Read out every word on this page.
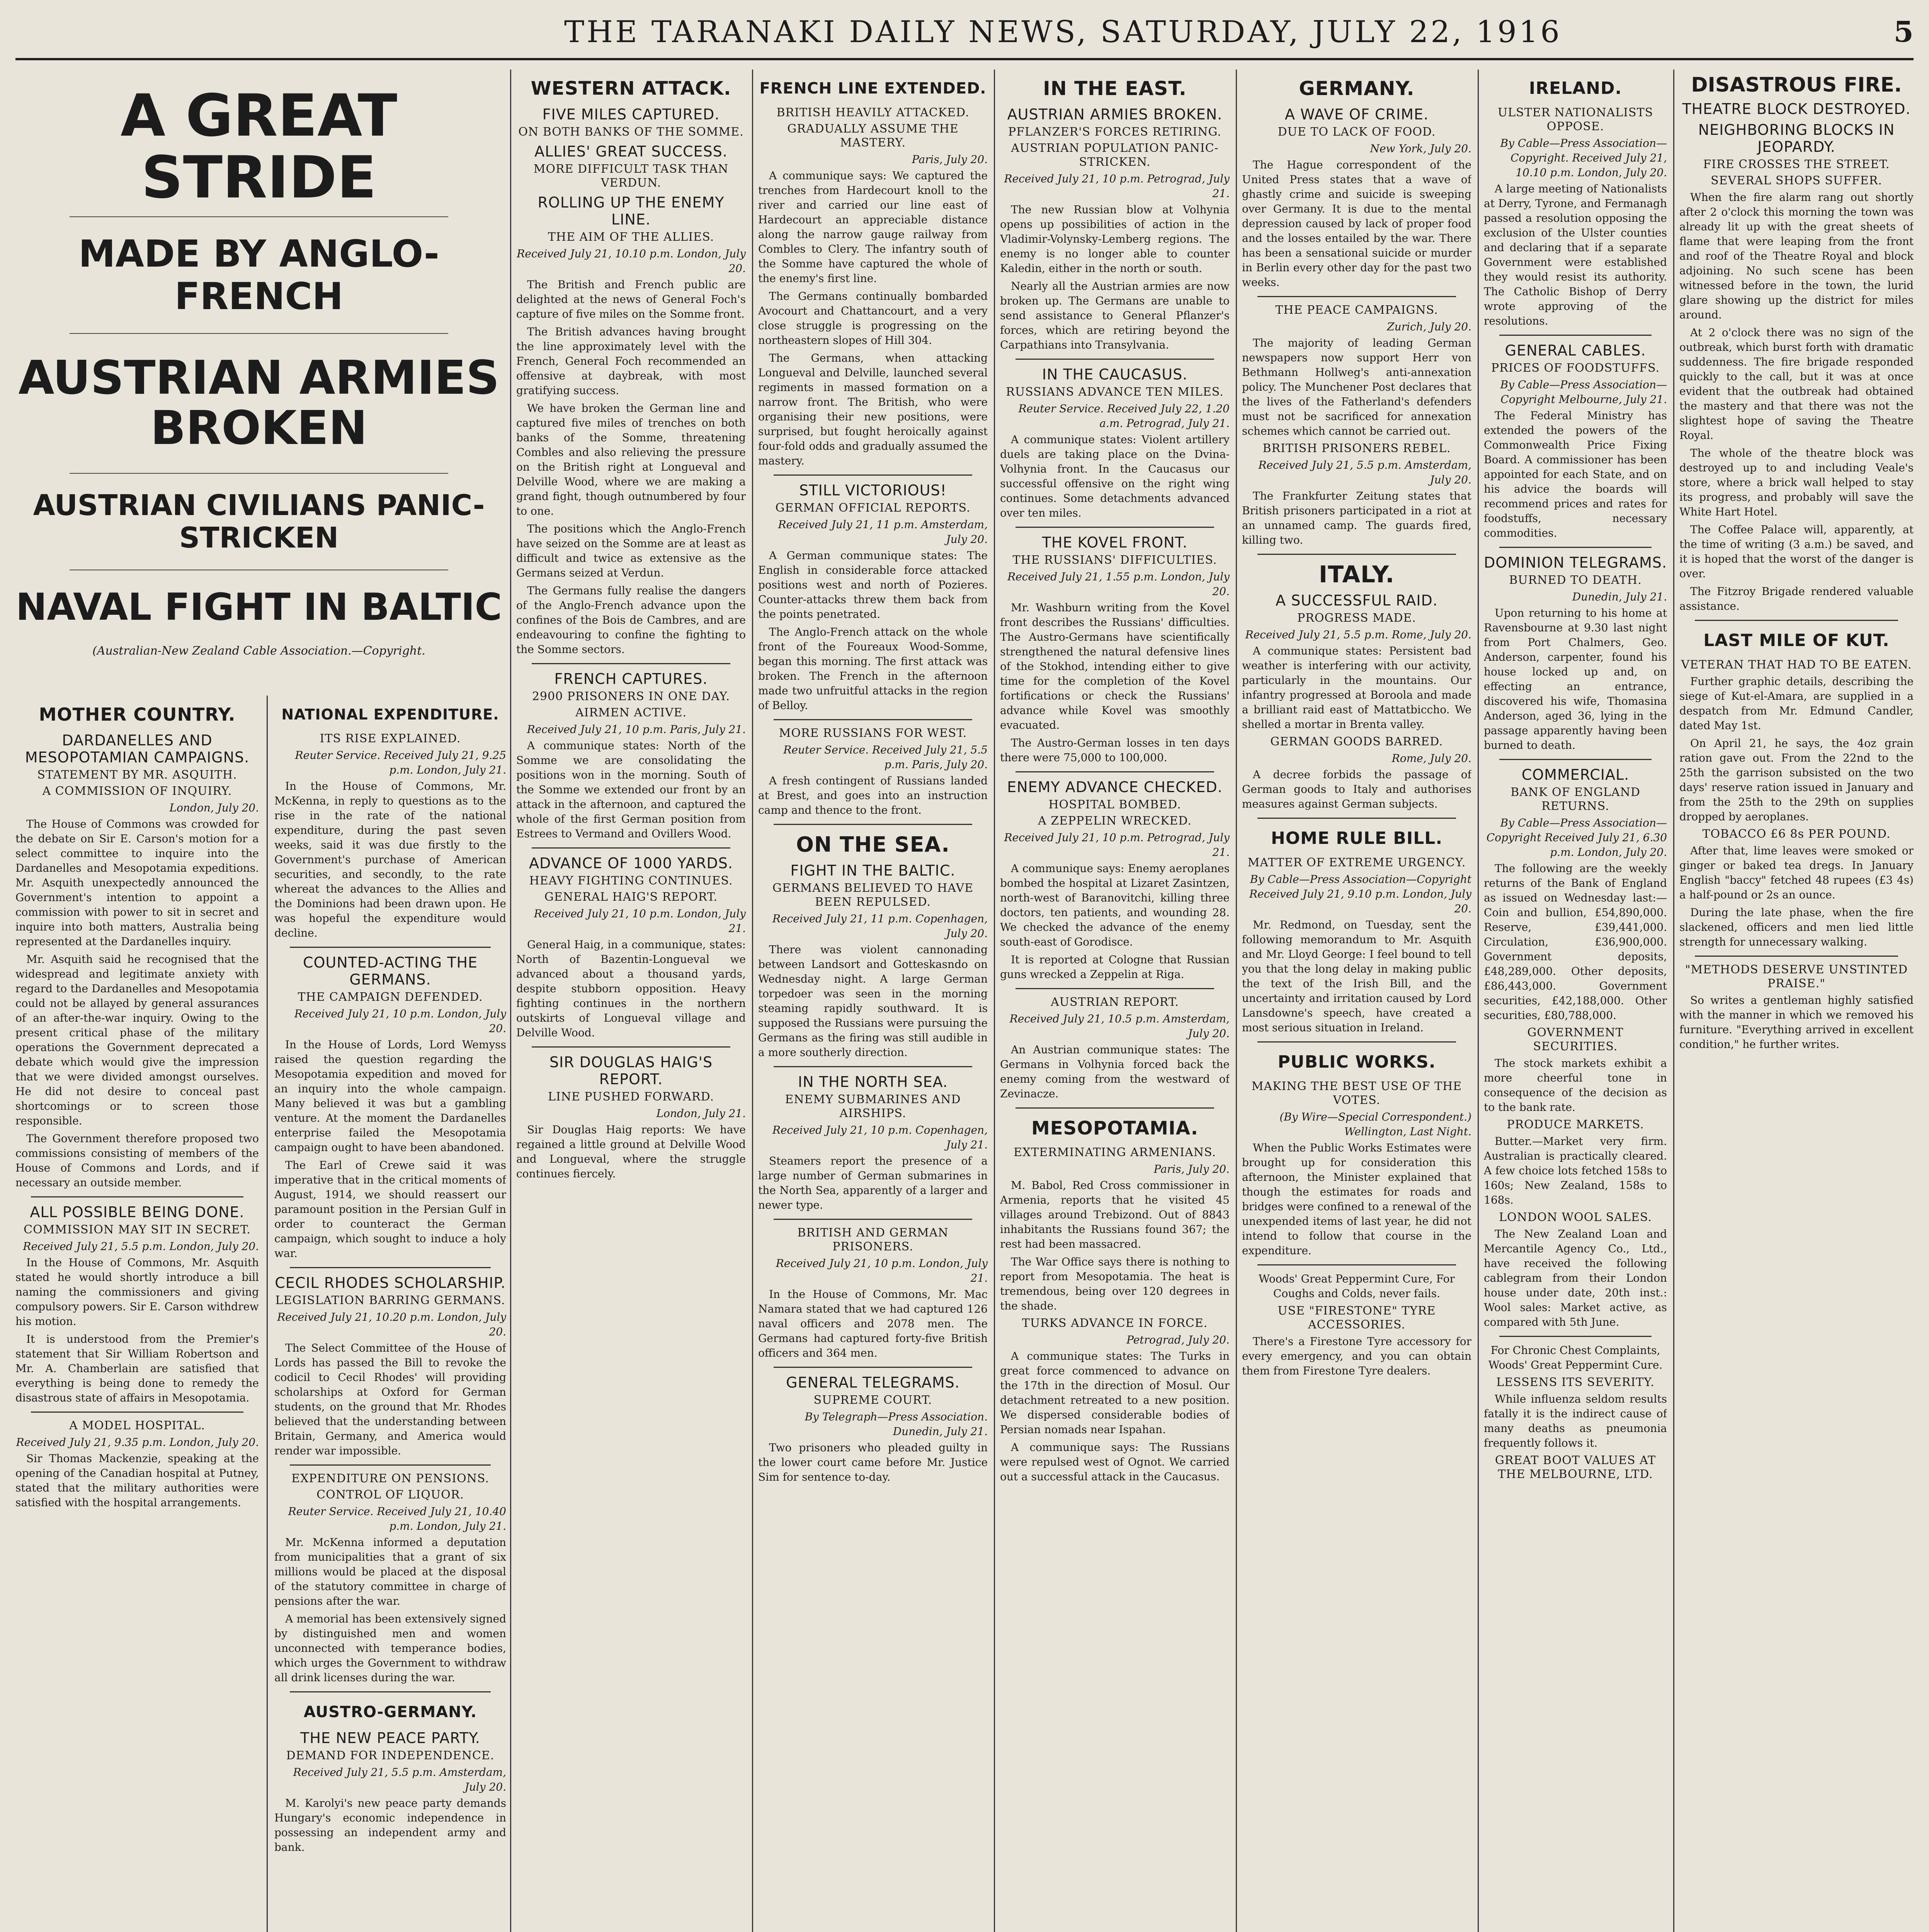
THE TARANAKI DAILY NEWS, SATURDAY, JULY 22, 1916	5
A GREAT STRIDE
MADE BY ANGLO-FRENCH
AUSTRIAN ARMIES BROKEN
AUSTRIAN CIVILIANS PANIC-STRICKEN
NAVAL FIGHT IN BALTIC
(Australian-New Zealand Cable Association.—Copyright.
MOTHER COUNTRY.
DARDANELLES AND MESOPOTAMIAN CAMPAIGNS.
STATEMENT BY MR. ASQUITH.
A COMMISSION OF INQUIRY.
London, July 20.

The House of Commons was crowded for the debate on Sir E. Carson's motion for a select committee to inquire into the Dardanelles and Mesopotamia expeditions. Mr. Asquith unexpectedly announced the Government's intention to appoint a commission with power to sit in secret and inquire into both matters, Australia being represented at the Dardanelles inquiry.

Mr. Asquith said he recognised that the widespread and legitimate anxiety with regard to the Dardanelles and Mesopotamia could not be allayed by general assurances of an after-the-war inquiry. Owing to the present critical phase of the military operations the Government deprecated a debate which would give the impression that we were divided amongst ourselves. He did not desire to conceal past shortcomings or to screen those responsible.

The Government therefore proposed two commissions consisting of members of the House of Commons and Lords, and if necessary an outside member.

ALL POSSIBLE BEING DONE.
COMMISSION MAY SIT IN SECRET.
Received July 21, 5.5 p.m. London, July 20.

In the House of Commons, Mr. Asquith stated he would shortly introduce a bill naming the commissioners and giving compulsory powers. Sir E. Carson withdrew his motion.

It is understood from the Premier's statement that Sir William Robertson and Mr. A. Chamberlain are satisfied that everything is being done to remedy the disastrous state of affairs in Mesopotamia.

A MODEL HOSPITAL.
Received July 21, 9.35 p.m. London, July 20.

Sir Thomas Mackenzie, speaking at the opening of the Canadian hospital at Putney, stated that the military authorities were satisfied with the hospital arrangements.

NATIONAL EXPENDITURE.
ITS RISE EXPLAINED.
Reuter Service. Received July 21, 9.25 p.m. London, July 21.

In the House of Commons, Mr. McKenna, in reply to questions as to the rise in the rate of the national expenditure, during the past seven weeks, said it was due firstly to the Government's purchase of American securities, and secondly, to the rate whereat the advances to the Allies and the Dominions had been drawn upon. He was hopeful the expenditure would decline.

COUNTED-ACTING THE GERMANS.
THE CAMPAIGN DEFENDED.
Received July 21, 10 p.m. London, July 20.

In the House of Lords, Lord Wemyss raised the question regarding the Mesopotamia expedition and moved for an inquiry into the whole campaign. Many believed it was but a gambling venture. At the moment the Dardanelles enterprise failed the Mesopotamia campaign ought to have been abandoned.

The Earl of Crewe said it was imperative that in the critical moments of August, 1914, we should reassert our paramount position in the Persian Gulf in order to counteract the German campaign, which sought to induce a holy war.

CECIL RHODES SCHOLARSHIP.
LEGISLATION BARRING GERMANS.
Received July 21, 10.20 p.m. London, July 20.

The Select Committee of the House of Lords has passed the Bill to revoke the codicil to Cecil Rhodes' will providing scholarships at Oxford for German students, on the ground that Mr. Rhodes believed that the understanding between Britain, Germany, and America would render war impossible.

EXPENDITURE ON PENSIONS.
CONTROL OF LIQUOR.
Reuter Service. Received July 21, 10.40 p.m. London, July 21.

Mr. McKenna informed a deputation from municipalities that a grant of six millions would be placed at the disposal of the statutory committee in charge of pensions after the war.

A memorial has been extensively signed by distinguished men and women unconnected with temperance bodies, which urges the Government to withdraw all drink licenses during the war.

AUSTRO-GERMANY.
THE NEW PEACE PARTY.
DEMAND FOR INDEPENDENCE.
Received July 21, 5.5 p.m. Amsterdam, July 20.

M. Karolyi's new peace party demands Hungary's economic independence in possessing an independent army and bank.

WESTERN ATTACK.
FIVE MILES CAPTURED.
ON BOTH BANKS OF THE SOMME.
ALLIES' GREAT SUCCESS.
MORE DIFFICULT TASK THAN VERDUN.
ROLLING UP THE ENEMY LINE.
THE AIM OF THE ALLIES.
Received July 21, 10.10 p.m. London, July 20.

The British and French public are delighted at the news of General Foch's capture of five miles on the Somme front.

The British advances having brought the line approximately level with the French, General Foch recommended an offensive at daybreak, with most gratifying success.

We have broken the German line and captured five miles of trenches on both banks of the Somme, threatening Combles and also relieving the pressure on the British right at Longueval and Delville Wood, where we are making a grand fight, though outnumbered by four to one.

The positions which the Anglo-French have seized on the Somme are at least as difficult and twice as extensive as the Germans seized at Verdun.

The Germans fully realise the dangers of the Anglo-French advance upon the confines of the Bois de Cambres, and are endeavouring to confine the fighting to the Somme sectors.

FRENCH CAPTURES.
2900 PRISONERS IN ONE DAY.
AIRMEN ACTIVE.
Received July 21, 10 p.m. Paris, July 21.

A communique states: North of the Somme we are consolidating the positions won in the morning. South of the Somme we extended our front by an attack in the afternoon, and captured the whole of the first German position from Estrees to Vermand and Ovillers Wood.

ADVANCE OF 1000 YARDS.
HEAVY FIGHTING CONTINUES.
GENERAL HAIG'S REPORT.
Received July 21, 10 p.m. London, July 21.

General Haig, in a communique, states: North of Bazentin-Longueval we advanced about a thousand yards, despite stubborn opposition. Heavy fighting continues in the northern outskirts of Longueval village and Delville Wood.

SIR DOUGLAS HAIG'S REPORT.
LINE PUSHED FORWARD.
London, July 21.

Sir Douglas Haig reports: We have regained a little ground at Delville Wood and Longueval, where the struggle continues fiercely.

FRENCH LINE EXTENDED.
BRITISH HEAVILY ATTACKED.
GRADUALLY ASSUME THE MASTERY.
Paris, July 20.

A communique says: We captured the trenches from Hardecourt knoll to the river and carried our line east of Hardecourt an appreciable distance along the narrow gauge railway from Combles to Clery. The infantry south of the Somme have captured the whole of the enemy's first line.

The Germans continually bombarded Avocourt and Chattancourt, and a very close struggle is progressing on the northeastern slopes of Hill 304.

The Germans, when attacking Longueval and Delville, launched several regiments in massed formation on a narrow front. The British, who were organising their new positions, were surprised, but fought heroically against four-fold odds and gradually assumed the mastery.

STILL VICTORIOUS!
GERMAN OFFICIAL REPORTS.
Received July 21, 11 p.m. Amsterdam, July 20.

A German communique states: The English in considerable force attacked positions west and north of Pozieres. Counter-attacks threw them back from the points penetrated.

The Anglo-French attack on the whole front of the Foureaux Wood-Somme, began this morning. The first attack was broken. The French in the afternoon made two unfruitful attacks in the region of Belloy.

MORE RUSSIANS FOR WEST.
Reuter Service. Received July 21, 5.5 p.m. Paris, July 20.

A fresh contingent of Russians landed at Brest, and goes into an instruction camp and thence to the front.

ON THE SEA.
FIGHT IN THE BALTIC.
GERMANS BELIEVED TO HAVE BEEN REPULSED.
Received July 21, 11 p.m. Copenhagen, July 20.

There was violent cannonading between Landsort and Gotteskasndo on Wednesday night. A large German torpedoer was seen in the morning steaming rapidly southward. It is supposed the Russians were pursuing the Germans as the firing was still audible in a more southerly direction.

IN THE NORTH SEA.
ENEMY SUBMARINES AND AIRSHIPS.
Received July 21, 10 p.m. Copenhagen, July 21.

Steamers report the presence of a large number of German submarines in the North Sea, apparently of a larger and newer type.

BRITISH AND GERMAN PRISONERS.
Received July 21, 10 p.m. London, July 21.

In the House of Commons, Mr. Mac Namara stated that we had captured 126 naval officers and 2078 men. The Germans had captured forty-five British officers and 364 men.

GENERAL TELEGRAMS.
SUPREME COURT.
By Telegraph—Press Association. Dunedin, July 21.

Two prisoners who pleaded guilty in the lower court came before Mr. Justice Sim for sentence to-day.

IN THE EAST.
AUSTRIAN ARMIES BROKEN.
PFLANZER'S FORCES RETIRING.
AUSTRIAN POPULATION PANIC-STRICKEN.
Received July 21, 10 p.m. Petrograd, July 21.

The new Russian blow at Volhynia opens up possibilities of action in the Vladimir-Volynsky-Lemberg regions. The enemy is no longer able to counter Kaledin, either in the north or south.

Nearly all the Austrian armies are now broken up. The Germans are unable to send assistance to General Pflanzer's forces, which are retiring beyond the Carpathians into Transylvania.

IN THE CAUCASUS.
RUSSIANS ADVANCE TEN MILES.
Reuter Service. Received July 22, 1.20 a.m. Petrograd, July 21.

A communique states: Violent artillery duels are taking place on the Dvina-Volhynia front. In the Caucasus our successful offensive on the right wing continues. Some detachments advanced over ten miles.

THE KOVEL FRONT.
THE RUSSIANS' DIFFICULTIES.
Received July 21, 1.55 p.m. London, July 20.

Mr. Washburn writing from the Kovel front describes the Russians' difficulties. The Austro-Germans have scientifically strengthened the natural defensive lines of the Stokhod, intending either to give time for the completion of the Kovel fortifications or check the Russians' advance while Kovel was smoothly evacuated.

The Austro-German losses in ten days there were 75,000 to 100,000.

ENEMY ADVANCE CHECKED.
HOSPITAL BOMBED.
A ZEPPELIN WRECKED.
Received July 21, 10 p.m. Petrograd, July 21.

A communique says: Enemy aeroplanes bombed the hospital at Lizaret Zasintzen, north-west of Baranovitchi, killing three doctors, ten patients, and wounding 28. We checked the advance of the enemy south-east of Gorodisce.

It is reported at Cologne that Russian guns wrecked a Zeppelin at Riga.

AUSTRIAN REPORT.
Received July 21, 10.5 p.m. Amsterdam, July 20.

An Austrian communique states: The Germans in Volhynia forced back the enemy coming from the westward of Zevinacze.

MESOPOTAMIA.
EXTERMINATING ARMENIANS.
Paris, July 20.

M. Babol, Red Cross commissioner in Armenia, reports that he visited 45 villages around Trebizond. Out of 8843 inhabitants the Russians found 367; the rest had been massacred.

The War Office says there is nothing to report from Mesopotamia. The heat is tremendous, being over 120 degrees in the shade.

TURKS ADVANCE IN FORCE.
Petrograd, July 20.

A communique states: The Turks in great force commenced to advance on the 17th in the direction of Mosul. Our detachment retreated to a new position. We dispersed considerable bodies of Persian nomads near Ispahan.

A communique says: The Russians were repulsed west of Ognot. We carried out a successful attack in the Caucasus.

GERMANY.
A WAVE OF CRIME.
DUE TO LACK OF FOOD.
New York, July 20.

The Hague correspondent of the United Press states that a wave of ghastly crime and suicide is sweeping over Germany. It is due to the mental depression caused by lack of proper food and the losses entailed by the war. There has been a sensational suicide or murder in Berlin every other day for the past two weeks.

THE PEACE CAMPAIGNS.
Zurich, July 20.

The majority of leading German newspapers now support Herr von Bethmann Hollweg's anti-annexation policy. The Munchener Post declares that the lives of the Fatherland's defenders must not be sacrificed for annexation schemes which cannot be carried out.

BRITISH PRISONERS REBEL.
Received July 21, 5.5 p.m. Amsterdam, July 20.

The Frankfurter Zeitung states that British prisoners participated in a riot at an unnamed camp. The guards fired, killing two.

ITALY.
A SUCCESSFUL RAID.
PROGRESS MADE.
Received July 21, 5.5 p.m. Rome, July 20.

A communique states: Persistent bad weather is interfering with our activity, particularly in the mountains. Our infantry progressed at Boroola and made a brilliant raid east of Mattatbiccho. We shelled a mortar in Brenta valley.

GERMAN GOODS BARRED.
Rome, July 20.

A decree forbids the passage of German goods to Italy and authorises measures against German subjects.

HOME RULE BILL.
MATTER OF EXTREME URGENCY.
By Cable—Press Association—Copyright Received July 21, 9.10 p.m. London, July 20.

Mr. Redmond, on Tuesday, sent the following memorandum to Mr. Asquith and Mr. Lloyd George: I feel bound to tell you that the long delay in making public the text of the Irish Bill, and the uncertainty and irritation caused by Lord Lansdowne's speech, have created a most serious situation in Ireland.

PUBLIC WORKS.
MAKING THE BEST USE OF THE VOTES.
(By Wire—Special Correspondent.) Wellington, Last Night.

When the Public Works Estimates were brought up for consideration this afternoon, the Minister explained that though the estimates for roads and bridges were confined to a renewal of the unexpended items of last year, he did not intend to follow that course in the expenditure.

Woods' Great Peppermint Cure, For Coughs and Colds, never fails.

USE "FIRESTONE" TYRE ACCESSORIES.

There's a Firestone Tyre accessory for every emergency, and you can obtain them from Firestone Tyre dealers.

IRELAND.
ULSTER NATIONALISTS OPPOSE.
By Cable—Press Association—Copyright. Received July 21, 10.10 p.m. London, July 20.

A large meeting of Nationalists at Derry, Tyrone, and Fermanagh passed a resolution opposing the exclusion of the Ulster counties and declaring that if a separate Government were established they would resist its authority. The Catholic Bishop of Derry wrote approving of the resolutions.

GENERAL CABLES.
PRICES OF FOODSTUFFS.
By Cable—Press Association—Copyright Melbourne, July 21.

The Federal Ministry has extended the powers of the Commonwealth Price Fixing Board. A commissioner has been appointed for each State, and on his advice the boards will recommend prices and rates for foodstuffs, necessary commodities.

DOMINION TELEGRAMS.
BURNED TO DEATH.
Dunedin, July 21.

Upon returning to his home at Ravensbourne at 9.30 last night from Port Chalmers, Geo. Anderson, carpenter, found his house locked up and, on effecting an entrance, discovered his wife, Thomasina Anderson, aged 36, lying in the passage apparently having been burned to death.

COMMERCIAL.
BANK OF ENGLAND RETURNS.
By Cable—Press Association—Copyright Received July 21, 6.30 p.m. London, July 20.

The following are the weekly returns of the Bank of England as issued on Wednesday last:— Coin and bullion, £54,890,000. Reserve, £39,441,000. Circulation, £36,900,000. Government deposits, £48,289,000. Other deposits, £86,443,000. Government securities, £42,188,000. Other securities, £80,788,000.

GOVERNMENT SECURITIES.

The stock markets exhibit a more cheerful tone in consequence of the decision as to the bank rate.

PRODUCE MARKETS.

Butter.—Market very firm. Australian is practically cleared. A few choice lots fetched 158s to 160s; New Zealand, 158s to 168s.

LONDON WOOL SALES.

The New Zealand Loan and Mercantile Agency Co., Ltd., have received the following cablegram from their London house under date, 20th inst.: Wool sales: Market active, as compared with 5th June.

For Chronic Chest Complaints, Woods' Great Peppermint Cure.

LESSENS ITS SEVERITY.

While influenza seldom results fatally it is the indirect cause of many deaths as pneumonia frequently follows it.

GREAT BOOT VALUES AT THE MELBOURNE, LTD.
DISASTROUS FIRE.
THEATRE BLOCK DESTROYED.
NEIGHBORING BLOCKS IN JEOPARDY.
FIRE CROSSES THE STREET.
SEVERAL SHOPS SUFFER.

When the fire alarm rang out shortly after 2 o'clock this morning the town was already lit up with the great sheets of flame that were leaping from the front and roof of the Theatre Royal and block adjoining. No such scene has been witnessed before in the town, the lurid glare showing up the district for miles around.

At 2 o'clock there was no sign of the outbreak, which burst forth with dramatic suddenness. The fire brigade responded quickly to the call, but it was at once evident that the outbreak had obtained the mastery and that there was not the slightest hope of saving the Theatre Royal.

The whole of the theatre block was destroyed up to and including Veale's store, where a brick wall helped to stay its progress, and probably will save the White Hart Hotel.

The Coffee Palace will, apparently, at the time of writing (3 a.m.) be saved, and it is hoped that the worst of the danger is over.

The Fitzroy Brigade rendered valuable assistance.

LAST MILE OF KUT.
VETERAN THAT HAD TO BE EATEN.

Further graphic details, describing the siege of Kut-el-Amara, are supplied in a despatch from Mr. Edmund Candler, dated May 1st.

On April 21, he says, the 4oz grain ration gave out. From the 22nd to the 25th the garrison subsisted on the two days' reserve ration issued in January and from the 25th to the 29th on supplies dropped by aeroplanes.

TOBACCO £6 8s PER POUND.

After that, lime leaves were smoked or ginger or baked tea dregs. In January English "baccy" fetched 48 rupees (£3 4s) a half-pound or 2s an ounce.

During the late phase, when the fire slackened, officers and men lied little strength for unnecessary walking.

"METHODS DESERVE UNSTINTED PRAISE."

So writes a gentleman highly satisfied with the manner in which we removed his furniture. "Everything arrived in excellent condition," he further writes.
